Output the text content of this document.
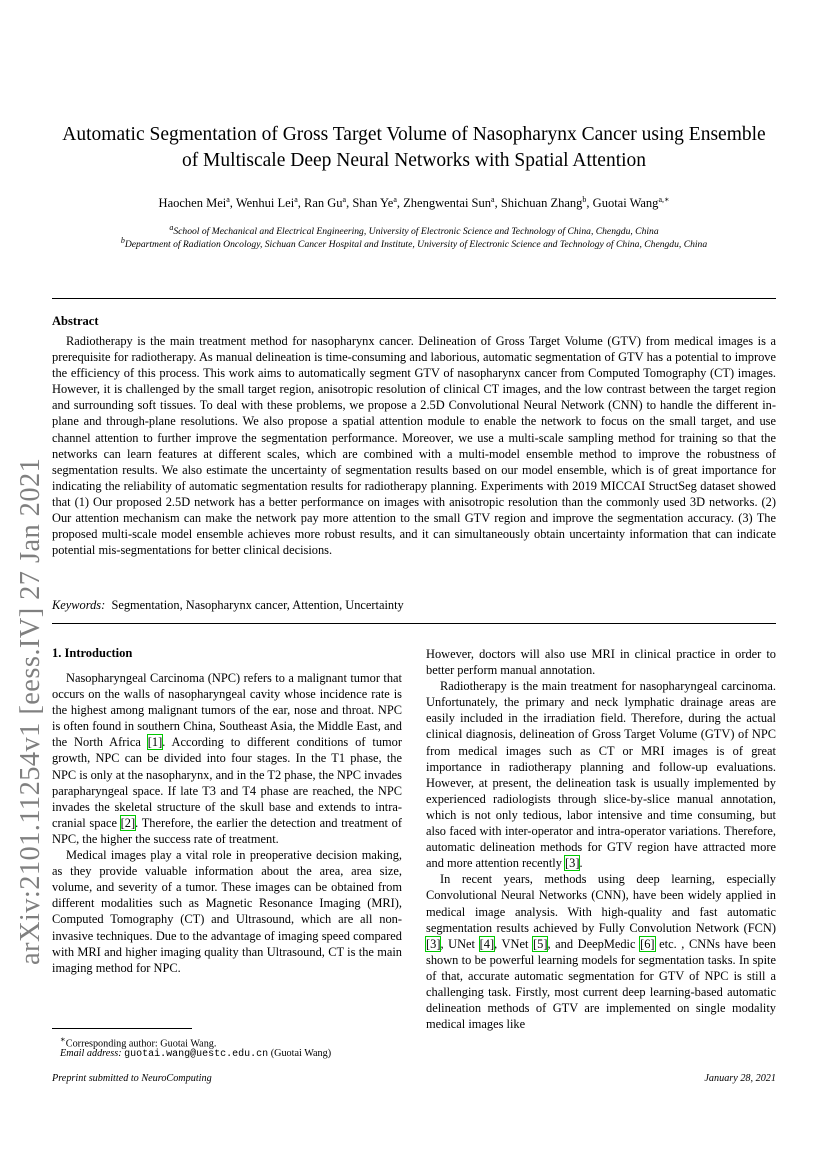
arXiv:2101.11254v1 [eess.IV] 27 Jan 2021
Automatic Segmentation of Gross Target Volume of Nasopharynx Cancer using Ensemble
of Multiscale Deep Neural Networks with Spatial Attention
Haochen Mei$^a$, Wenhui Lei$^a$, Ran Gu$^a$, Shan Ye$^a$, Zhengwentai Sun$^a$, Shichuan Zhang$^b$, Guotai Wang$^{a,∗}$
$^a$School of Mechanical and Electrical Engineering, University of Electronic Science and Technology of China, Chengdu, China
$^b$Department of Radiation Oncology, Sichuan Cancer Hospital and Institute, University of Electronic Science and Technology of China, Chengdu, China
Abstract
Radiotherapy is the main treatment method for nasopharynx cancer. Delineation of Gross Target Volume (GTV) from medical images is a prerequisite for radiotherapy. As manual delineation is time-consuming and laborious, automatic segmentation of GTV has a potential to improve the efficiency of this process. This work aims to automatically segment GTV of nasopharynx cancer from Computed Tomography (CT) images. However, it is challenged by the small target region, anisotropic resolution of clinical CT images, and the low contrast between the target region and surrounding soft tissues. To deal with these problems, we propose a 2.5D Convolutional Neural Network (CNN) to handle the different in-plane and through-plane resolutions. We also propose a spatial attention module to enable the network to focus on the small target, and use channel attention to further improve the segmentation performance. Moreover, we use a multi-scale sampling method for training so that the networks can learn features at different scales, which are combined with a multi-model ensemble method to improve the robustness of segmentation results. We also estimate the uncertainty of segmentation results based on our model ensemble, which is of great importance for indicating the reliability of automatic segmentation results for radiotherapy planning. Experiments with 2019 MICCAI StructSeg dataset showed that (1) Our proposed 2.5D network has a better performance on images with anisotropic resolution than the commonly used 3D networks. (2) Our attention mechanism can make the network pay more attention to the small GTV region and improve the segmentation accuracy. (3) The proposed multi-scale model ensemble achieves more robust results, and it can simultaneously obtain uncertainty information that can indicate potential mis-segmentations for better clinical decisions.
Keywords: Segmentation, Nasopharynx cancer, Attention, Uncertainty
1. Introduction

Nasopharyngeal Carcinoma (NPC) refers to a malignant tumor that occurs on the walls of nasopharyngeal cavity whose incidence rate is the highest among malignant tumors of the ear, nose and throat. NPC is often found in southern China, Southeast Asia, the Middle East, and the North Africa [1]. According to different conditions of tumor growth, NPC can be divided into four stages. In the T1 phase, the NPC is only at the nasopharynx, and in the T2 phase, the NPC invades parapharyngeal space. If late T3 and T4 phase are reached, the NPC invades the skeletal structure of the skull base and extends to intra-cranial space [2]. Therefore, the earlier the detection and treatment of NPC, the higher the success rate of treatment.

Medical images play a vital role in preoperative decision making, as they provide valuable information about the area, area size, volume, and severity of a tumor. These images can be obtained from different modalities such as Magnetic Resonance Imaging (MRI), Computed Tomography (CT) and Ultrasound, which are all non-invasive techniques. Due to the advantage of imaging speed compared with MRI and higher imaging quality than Ultrasound, CT is the main imaging method for NPC.

However, doctors will also use MRI in clinical practice in order to better perform manual annotation.

Radiotherapy is the main treatment for nasopharyngeal carcinoma. Unfortunately, the primary and neck lymphatic drainage areas are easily included in the irradiation field. Therefore, during the actual clinical diagnosis, delineation of Gross Target Volume (GTV) of NPC from medical images such as CT or MRI images is of great importance in radiotherapy planning and follow-up evaluations. However, at present, the delineation task is usually implemented by experienced radiologists through slice-by-slice manual annotation, which is not only tedious, labor intensive and time consuming, but also faced with inter-operator and intra-operator variations. Therefore, automatic delineation methods for GTV region have attracted more and more attention recently [3].

In recent years, methods using deep learning, especially Convolutional Neural Networks (CNN), have been widely applied in medical image analysis. With high-quality and fast automatic segmentation results achieved by Fully Convolution Network (FCN) [3], UNet [4], VNet [5], and DeepMedic [6] etc. , CNNs have been shown to be powerful learning models for segmentation tasks. In spite of that, accurate automatic segmentation for GTV of NPC is still a challenging task. Firstly, most current deep learning-based automatic delineation methods of GTV are implemented on single modality medical images like

∗Corresponding author: Guotai Wang.
Email address: guotai.wang@uestc.edu.cn (Guotai Wang)
Preprint submitted to NeuroComputing	January 28, 2021
